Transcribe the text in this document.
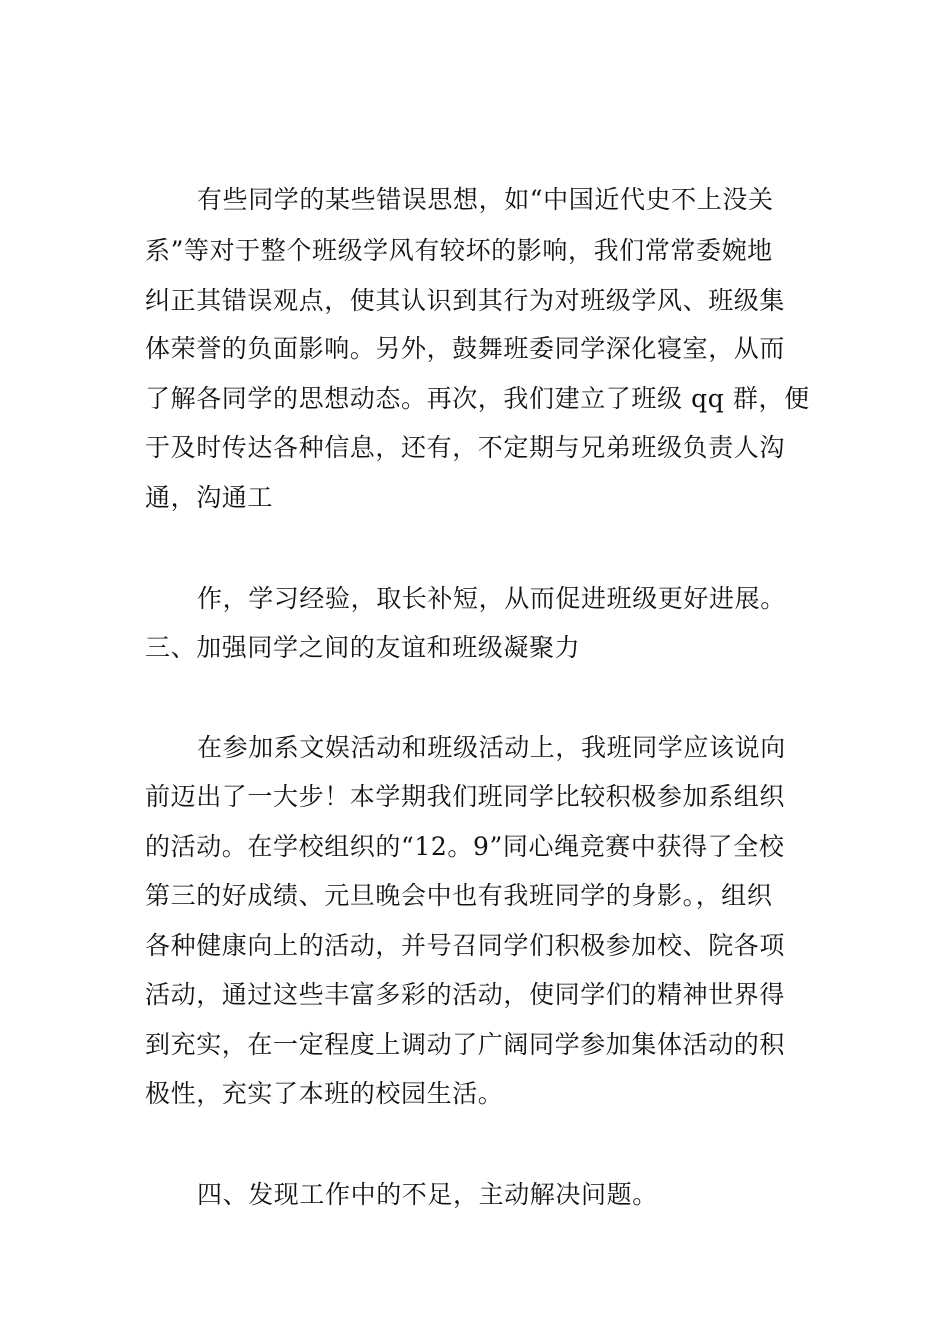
有些同学的某些错误思想，如“中国近代史不上没关
系”等对于整个班级学风有较坏的影响，我们常常委婉地
纠正其错误观点，使其认识到其行为对班级学风、班级集
体荣誉的负面影响。另外，鼓舞班委同学深化寝室，从而
了解各同学的思想动态。再次，我们建立了班级 qq 群，便
于及时传达各种信息，还有，不定期与兄弟班级负责人沟
通，沟通工
作，学习经验，取长补短，从而促进班级更好进展。
三、加强同学之间的友谊和班级凝聚力
在参加系文娱活动和班级活动上，我班同学应该说向
前迈出了一大步！本学期我们班同学比较积极参加系组织
的活动。在学校组织的“12。9”同心绳竞赛中获得了全校
第三的好成绩、元旦晚会中也有我班同学的身影。，组织
各种健康向上的活动，并号召同学们积极参加校、院各项
活动，通过这些丰富多彩的活动，使同学们的精神世界得
到充实，在一定程度上调动了广阔同学参加集体活动的积
极性，充实了本班的校园生活。
四、发现工作中的不足，主动解决问题。
